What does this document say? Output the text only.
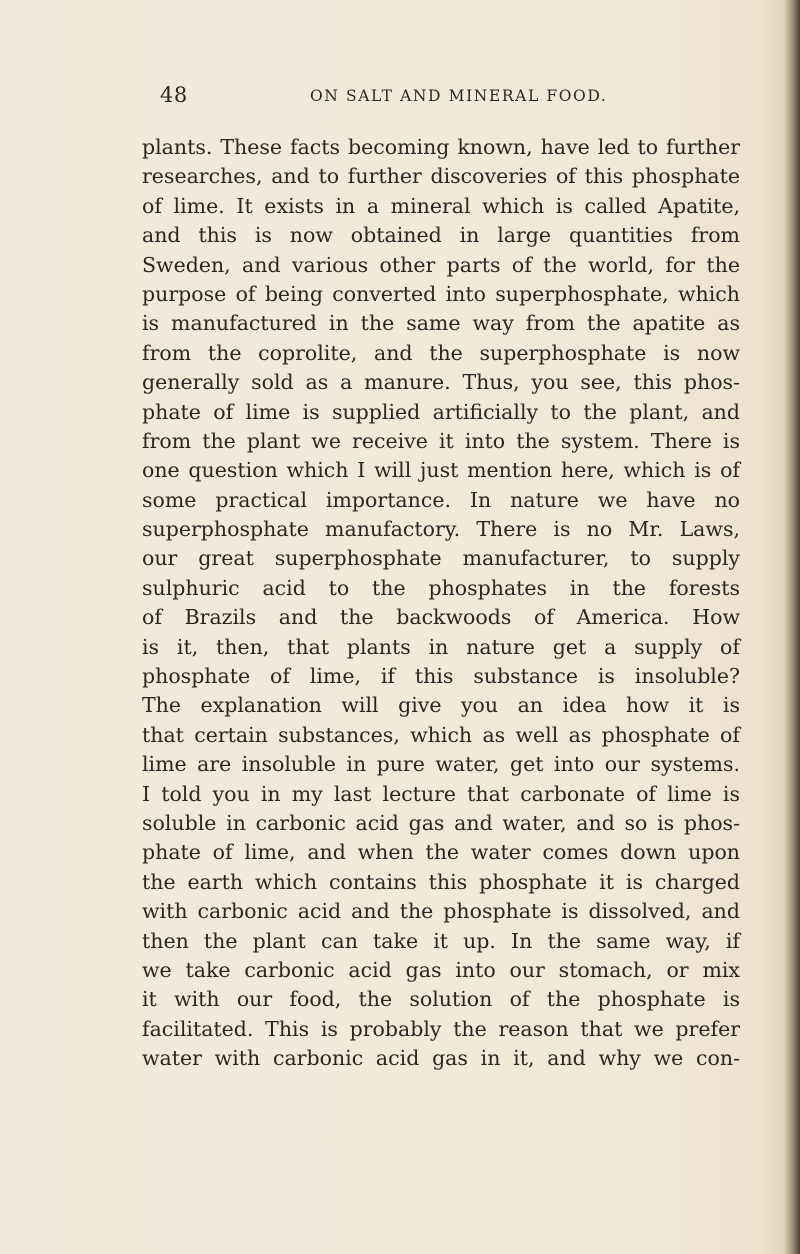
48	ON SALT AND MINERAL FOOD.
plants. These facts becoming known, have led to further
researches, and to further discoveries of this phosphate
of lime. It exists in a mineral which is called Apatite,
and this is now obtained in large quantities from
Sweden, and various other parts of the world, for the
purpose of being converted into superphosphate, which
is manufactured in the same way from the apatite as
from the coprolite, and the superphosphate is now
generally sold as a manure. Thus, you see, this phos-
phate of lime is supplied artificially to the plant, and
from the plant we receive it into the system. There is
one question which I will just mention here, which is of
some practical importance. In nature we have no
superphosphate manufactory. There is no Mr. Laws,
our great superphosphate manufacturer, to supply
sulphuric acid to the phosphates in the forests
of Brazils and the backwoods of America. How
is it, then, that plants in nature get a supply of
phosphate of lime, if this substance is insoluble?
The explanation will give you an idea how it is
that certain substances, which as well as phosphate of
lime are insoluble in pure water, get into our systems.
I told you in my last lecture that carbonate of lime is
soluble in carbonic acid gas and water, and so is phos-
phate of lime, and when the water comes down upon
the earth which contains this phosphate it is charged
with carbonic acid and the phosphate is dissolved, and
then the plant can take it up. In the same way, if
we take carbonic acid gas into our stomach, or mix
it with our food, the solution of the phosphate is
facilitated. This is probably the reason that we prefer
water with carbonic acid gas in it, and why we con-
